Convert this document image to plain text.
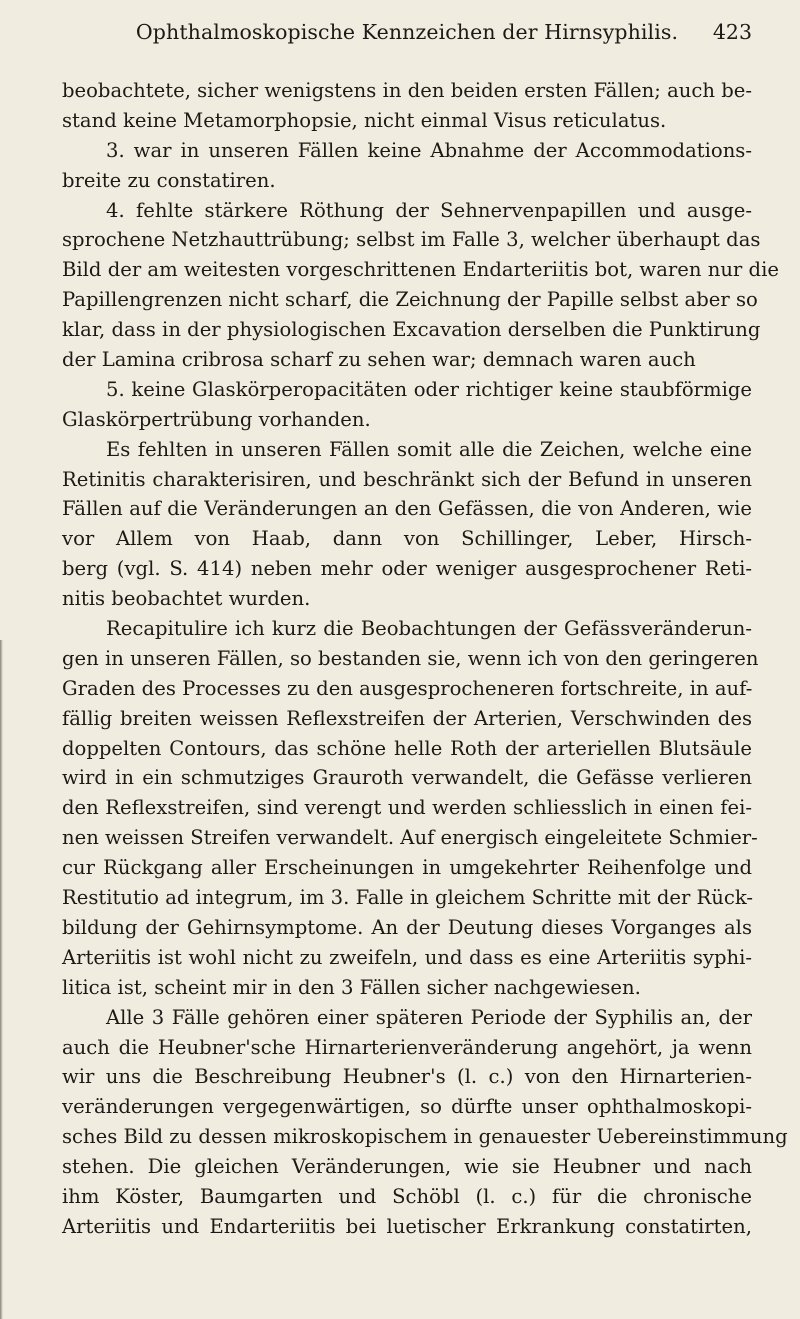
Ophthalmoskopische Kennzeichen der Hirnsyphilis.	423
beobachtete, sicher wenigstens in den beiden ersten Fällen; auch be-
stand keine Metamorphopsie, nicht einmal Visus reticulatus.
3. war in unseren Fällen keine Abnahme der Accommodations-
breite zu constatiren.
4. fehlte stärkere Röthung der Sehnervenpapillen und ausge-
sprochene Netzhauttrübung; selbst im Falle 3, welcher überhaupt das
Bild der am weitesten vorgeschrittenen Endarteriitis bot, waren nur die
Papillengrenzen nicht scharf, die Zeichnung der Papille selbst aber so
klar, dass in der physiologischen Excavation derselben die Punktirung
der Lamina cribrosa scharf zu sehen war; demnach waren auch
5. keine Glaskörperopacitäten oder richtiger keine staubförmige
Glaskörpertrübung vorhanden.
Es fehlten in unseren Fällen somit alle die Zeichen, welche eine
Retinitis charakterisiren, und beschränkt sich der Befund in unseren
Fällen auf die Veränderungen an den Gefässen, die von Anderen, wie
vor Allem von Haab, dann von Schillinger, Leber, Hirsch-
berg (vgl. S. 414) neben mehr oder weniger ausgesprochener Reti-
nitis beobachtet wurden.
Recapitulire ich kurz die Beobachtungen der Gefässveränderun-
gen in unseren Fällen, so bestanden sie, wenn ich von den geringeren
Graden des Processes zu den ausgesprocheneren fortschreite, in auf-
fällig breiten weissen Reflexstreifen der Arterien, Verschwinden des
doppelten Contours, das schöne helle Roth der arteriellen Blutsäule
wird in ein schmutziges Grauroth verwandelt, die Gefässe verlieren
den Reflexstreifen, sind verengt und werden schliesslich in einen fei-
nen weissen Streifen verwandelt. Auf energisch eingeleitete Schmier-
cur Rückgang aller Erscheinungen in umgekehrter Reihenfolge und
Restitutio ad integrum, im 3. Falle in gleichem Schritte mit der Rück-
bildung der Gehirnsymptome. An der Deutung dieses Vorganges als
Arteriitis ist wohl nicht zu zweifeln, und dass es eine Arteriitis syphi-
litica ist, scheint mir in den 3 Fällen sicher nachgewiesen.
Alle 3 Fälle gehören einer späteren Periode der Syphilis an, der
auch die Heubner'sche Hirnarterienveränderung angehört, ja wenn
wir uns die Beschreibung Heubner's (l. c.) von den Hirnarterien-
veränderungen vergegenwärtigen, so dürfte unser ophthalmoskopi-
sches Bild zu dessen mikroskopischem in genauester Uebereinstimmung
stehen. Die gleichen Veränderungen, wie sie Heubner und nach
ihm Köster, Baumgarten und Schöbl (l. c.) für die chronische
Arteriitis und Endarteriitis bei luetischer Erkrankung constatirten,
